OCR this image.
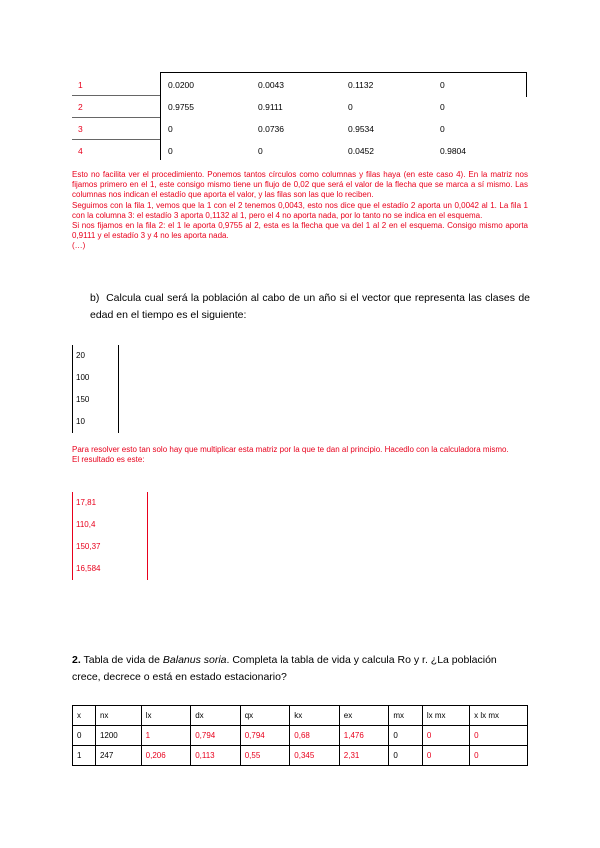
1	0.0200	0.0043	0.1132	0
2	0.9755	0.9111	0	0
3	0	0.0736	0.9534	0
4	0	0	0.0452	0.9804

Esto no facilita ver el procedimiento. Ponemos tantos círculos como columnas y filas haya (en este caso 4). En la matriz nos fijamos primero en el 1, este consigo mismo tiene un flujo de 0,02 que será el valor de la flecha que se marca a sí mismo. Las columnas nos indican el estadío que aporta el valor, y las filas son las que lo reciben.

Seguimos con la fila 1, vemos que la 1 con el 2 tenemos 0,0043, esto nos dice que el estadío 2 aporta un 0,0042 al 1. La fila 1 con la columna 3: el estadío 3 aporta 0,1132 al 1, pero el 4 no aporta nada, por lo tanto no se indica en el esquema.

Si nos fijamos en la fila 2: el 1 le aporta 0,9755 al 2, esta es la flecha que va del 1 al 2 en el esquema. Consigo mismo aporta 0,9111 y el estadío 3 y 4 no les aporta nada.

(…)

b) Calcula cual será la población al cabo de un año si el vector que representa las clases de edad en el tiempo es el siguiente:
20
100
150
10

Para resolver esto tan solo hay que multiplicar esta matriz por la que te dan al principio. Hacedlo con la calculadora mismo.

El resultado es este:

17,81
110,4
150,37
16,584
2. Tabla de vida de Balanus soria. Completa la tabla de vida y calcula Ro y r. ¿La población crece, decrece o está en estado estacionario?
x	nx	lx	dx	qx	kx	ex	mx	lx mx	x lx mx
0	1200	1	0,794	0,794	0,68	1,476	0	0	0
1	247	0,206	0,113	0,55	0,345	2,31	0	0	0
